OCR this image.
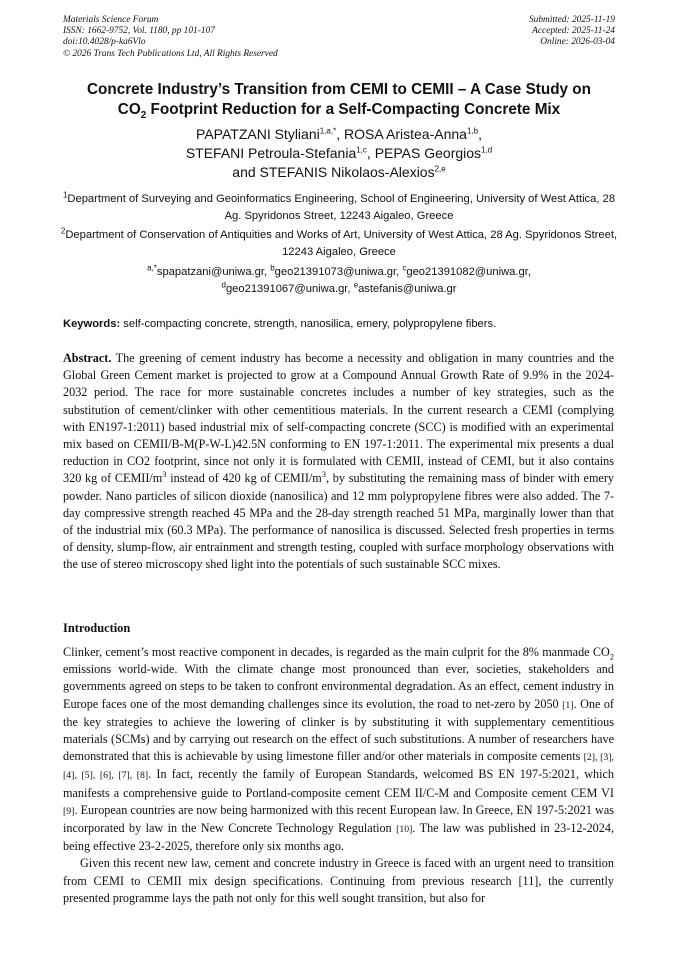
Materials Science Forum
ISSN: 1662-9752, Vol. 1180, pp 101-107
doi:10.4028/p-ka6Vlo
© 2026 Trans Tech Publications Ltd, All Rights Reserved
Submitted: 2025-11-19
Accepted: 2025-11-24
Online: 2026-03-04
Concrete Industry’s Transition from CEMI to CEMII – A Case Study on
$CO_2$ Footprint Reduction for a Self-Compacting Concrete Mix
PAPATZANI Styliani$^{1,a,*}$, ROSA Aristea-Anna$^{1,b}$,
STEFANI Petroula-Stefania$^{1,c}$, PEPAS Georgios$^{1,d}$
and STEFANIS Nikolaos-Alexios$^{2,e}$
$^1$Department of Surveying and Geoinformatics Engineering, School of Engineering, University of West Attica, 28 Ag. Spyridonos Street, 12243 Aigaleo, Greece
$^2$Department of Conservation of Antiquities and Works of Art, University of West Attica, 28 Ag. Spyridonos Street, 12243 Aigaleo, Greece
$^{a,*}$spapatzani@uniwa.gr, $^b$geo21391073@uniwa.gr, $^c$geo21391082@uniwa.gr,
$^d$geo21391067@uniwa.gr, $^e$astefanis@uniwa.gr
Keywords: self-compacting concrete, strength, nanosilica, emery, polypropylene fibers.
Abstract. The greening of cement industry has become a necessity and obligation in many countries and the Global Green Cement market is projected to grow at a Compound Annual Growth Rate of 9.9% in the 2024-2032 period. The race for more sustainable concretes includes a number of key strategies, such as the substitution of cement/clinker with other cementitious materials. In the current research a CEMI (complying with EN197-1:2011) based industrial mix of self-compacting concrete (SCC) is modified with an experimental mix based on CEMII/B-M(P-W-L)42.5N conforming to EN 197-1:2011. The experimental mix presents a dual reduction in CO2 footprint, since not only it is formulated with CEMII, instead of CEMI, but it also contains 320 kg of CEMII/$m^3$ instead of 420 kg of CEMII/$m^3$, by substituting the remaining mass of binder with emery powder. Nano particles of silicon dioxide (nanosilica) and 12 mm polypropylene fibres were also added. The 7-day compressive strength reached 45 MPa and the 28-day strength reached 51 MPa, marginally lower than that of the industrial mix (60.3 MPa). The performance of nanosilica is discussed. Selected fresh properties in terms of density, slump-flow, air entrainment and strength testing, coupled with surface morphology observations with the use of stereo microscopy shed light into the potentials of such sustainable SCC mixes.
Introduction

Clinker, cement’s most reactive component in decades, is regarded as the main culprit for the 8% manmade $CO_2$ emissions world-wide. With the climate change most pronounced than ever, societies, stakeholders and governments agreed on steps to be taken to confront environmental degradation. As an effect, cement industry in Europe faces one of the most demanding challenges since its evolution, the road to net-zero by 2050 [1]. One of the key strategies to achieve the lowering of clinker is by substituting it with supplementary cementitious materials (SCMs) and by carrying out research on the effect of such substitutions. A number of researchers have demonstrated that this is achievable by using limestone filler and/or other materials in composite cements [2], [3], [4], [5], [6], [7], [8]. In fact, recently the family of European Standards, welcomed BS EN 197-5:2021, which manifests a comprehensive guide to Portland-composite cement CEM II/C-M and Composite cement CEM VI [9]. European countries are now being harmonized with this recent European law. In Greece, EN 197-5:2021 was incorporated by law in the New Concrete Technology Regulation [10]. The law was published in 23-12-2024, being effective 23-2-2025, therefore only six months ago.

Given this recent new law, cement and concrete industry in Greece is faced with an urgent need to transition from CEMI to CEMII mix design specifications. Continuing from previous research [11], the currently presented programme lays the path not only for this well sought transition, but also for
